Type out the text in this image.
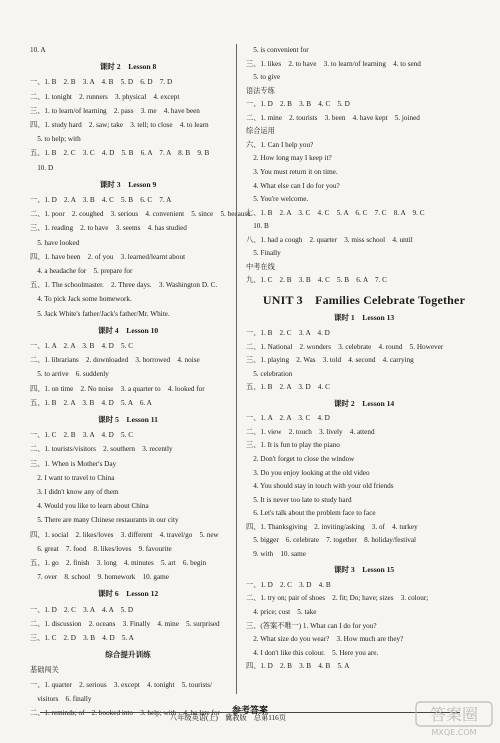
10. A
课时 2　Lesson 8
一、1. B　2. B　3. A　4. B　5. D　6. D　7. D
二、1. tonight　2. runners　3. physical　4. except
三、1. to learn/of learning　2. pass　3. me　4. have been
四、1. study hard　2. saw; take　3. tell; to close　4. to learn
　5. to help; with
五、1. B　2. C　3. C　4. D　5. B　6. A　7. A　8. B　9. B
　10. D
课时 3　Lesson 9
一、1. D　2. A　3. B　4. C　5. B　6. C　7. A
二、1. poor　2. coughed　3. serious　4. convenient　5. since　5. because
三、1. reading　2. to have　3. seems　4. has studied
　5. have looked
四、1. have been　2. of you　3. learned/learnt about
　4. a headache for　5. prepare for
五、1. The schoolmaster.　2. Three days.　3. Washington D. C.
　4. To pick Jack some homework.
　5. Jack White's father/Jack's father/Mr. White.
课时 4　Lesson 10
一、1. A　2. A　3. B　4. D　5. C
二、1. librarians　2. downloaded　3. borrowed　4. noise
　5. to arrive　6. suddenly
四、1. on time　2. No noise　3. a quarter to　4. looked for
五、1. B　2. A　3. B　4. D　5. A　6. A
课时 5　Lesson 11
一、1. C　2. B　3. A　4. D　5. C
二、1. tourists/visitors　2. southern　3. recently
三、1. When is Mother's Day
　2. I want to travel to China
　3. I didn't know any of them
　4. Would you like to learn about China
　5. There are many Chinese restaurants in our city
四、1. social　2. likes/loves　3. different　4. travel/go　5. new
　6. great　7. food　8. likes/loves　9. favourite
五、1. go　2. finish　3. long　4. minutes　5. art　6. begin
　7. over　8. school　9. homework　10. game
课时 6　Lesson 12
一、1. D　2. C　3. A　4. A　5. D
二、1. discussion　2. oceans　3. Finally　4. mine　5. surprised
三、1. C　2. D　3. B　4. D　5. A
综合提升训练
基础闯关
一、1. quarter　2. serious　3. except　4. tonight　5. tourists/
　visitors　6. finally
二、1. reminds; of　2. booked into　3. help; with　4. he late for
　5. is convenient for
三、1. likes　2. to have　3. to learn/of learning　4. to send
　5. to give
语法专练
一、1. D　2. B　3. B　4. C　5. D
二、1. mine　2. tourists　3. been　4. have kept　5. joined
综合运用
六、1. Can I help you?
　2. How long may I keep it?
　3. You must return it on time.
　4. What else can I do for you?
　5. You're welcome.
七、1. B　2. A　3. C　4. C　5. A　6. C　7. C　8. A　9. C
　10. B
八、1. had a cough　2. quarter　3. miss school　4. until
　5. Finally
中考在线
九、1. C　2. B　3. B　4. C　5. B　6. A　7. C
UNIT 3　Families Celebrate Together
课时 1　Lesson 13
一、1. B　2. C　3. A　4. D
二、1. National　2. wonders　3. celebrate　4. round　5. However
三、1. playing　2. Was　3. told　4. second　4. carrying
　5. celebration
五、1. B　2. A　3. D　4. C
课时 2　Lesson 14
一、1. A　2. A　3. C　4. D
二、1. view　2. touch　3. lively　4. attend
三、1. It is fun to play the piano
　2. Don't forget to close the window
　3. Do you enjoy looking at the old video
　4. You should stay in touch with your old friends
　5. It is never too late to study hard
　6. Let's talk about the problem face to face
四、1. Thanksgiving　2. inviting/asking　3. of　4. turkey
　5. bigger　6. celebrate　7. together　8. holiday/festival
　9. with　10. same
课时 3　Lesson 15
一、1. D　2. C　3. D　4. B
二、1. try on; pair of shoes　2. fit; Do; have; sizes　3. colour;
　4. price; cost　5. take
三、(答案不唯一) 1. What can I do for you?
　2. What size do you wear?　3. How much are they?
　4. I don't like this colour.　5. Here you are.
四、1. D　2. B　3. B　4. B　5. A
参考答案
八年级英语(上)　冀教版　总第116页	答案圈
MXQE.COM
